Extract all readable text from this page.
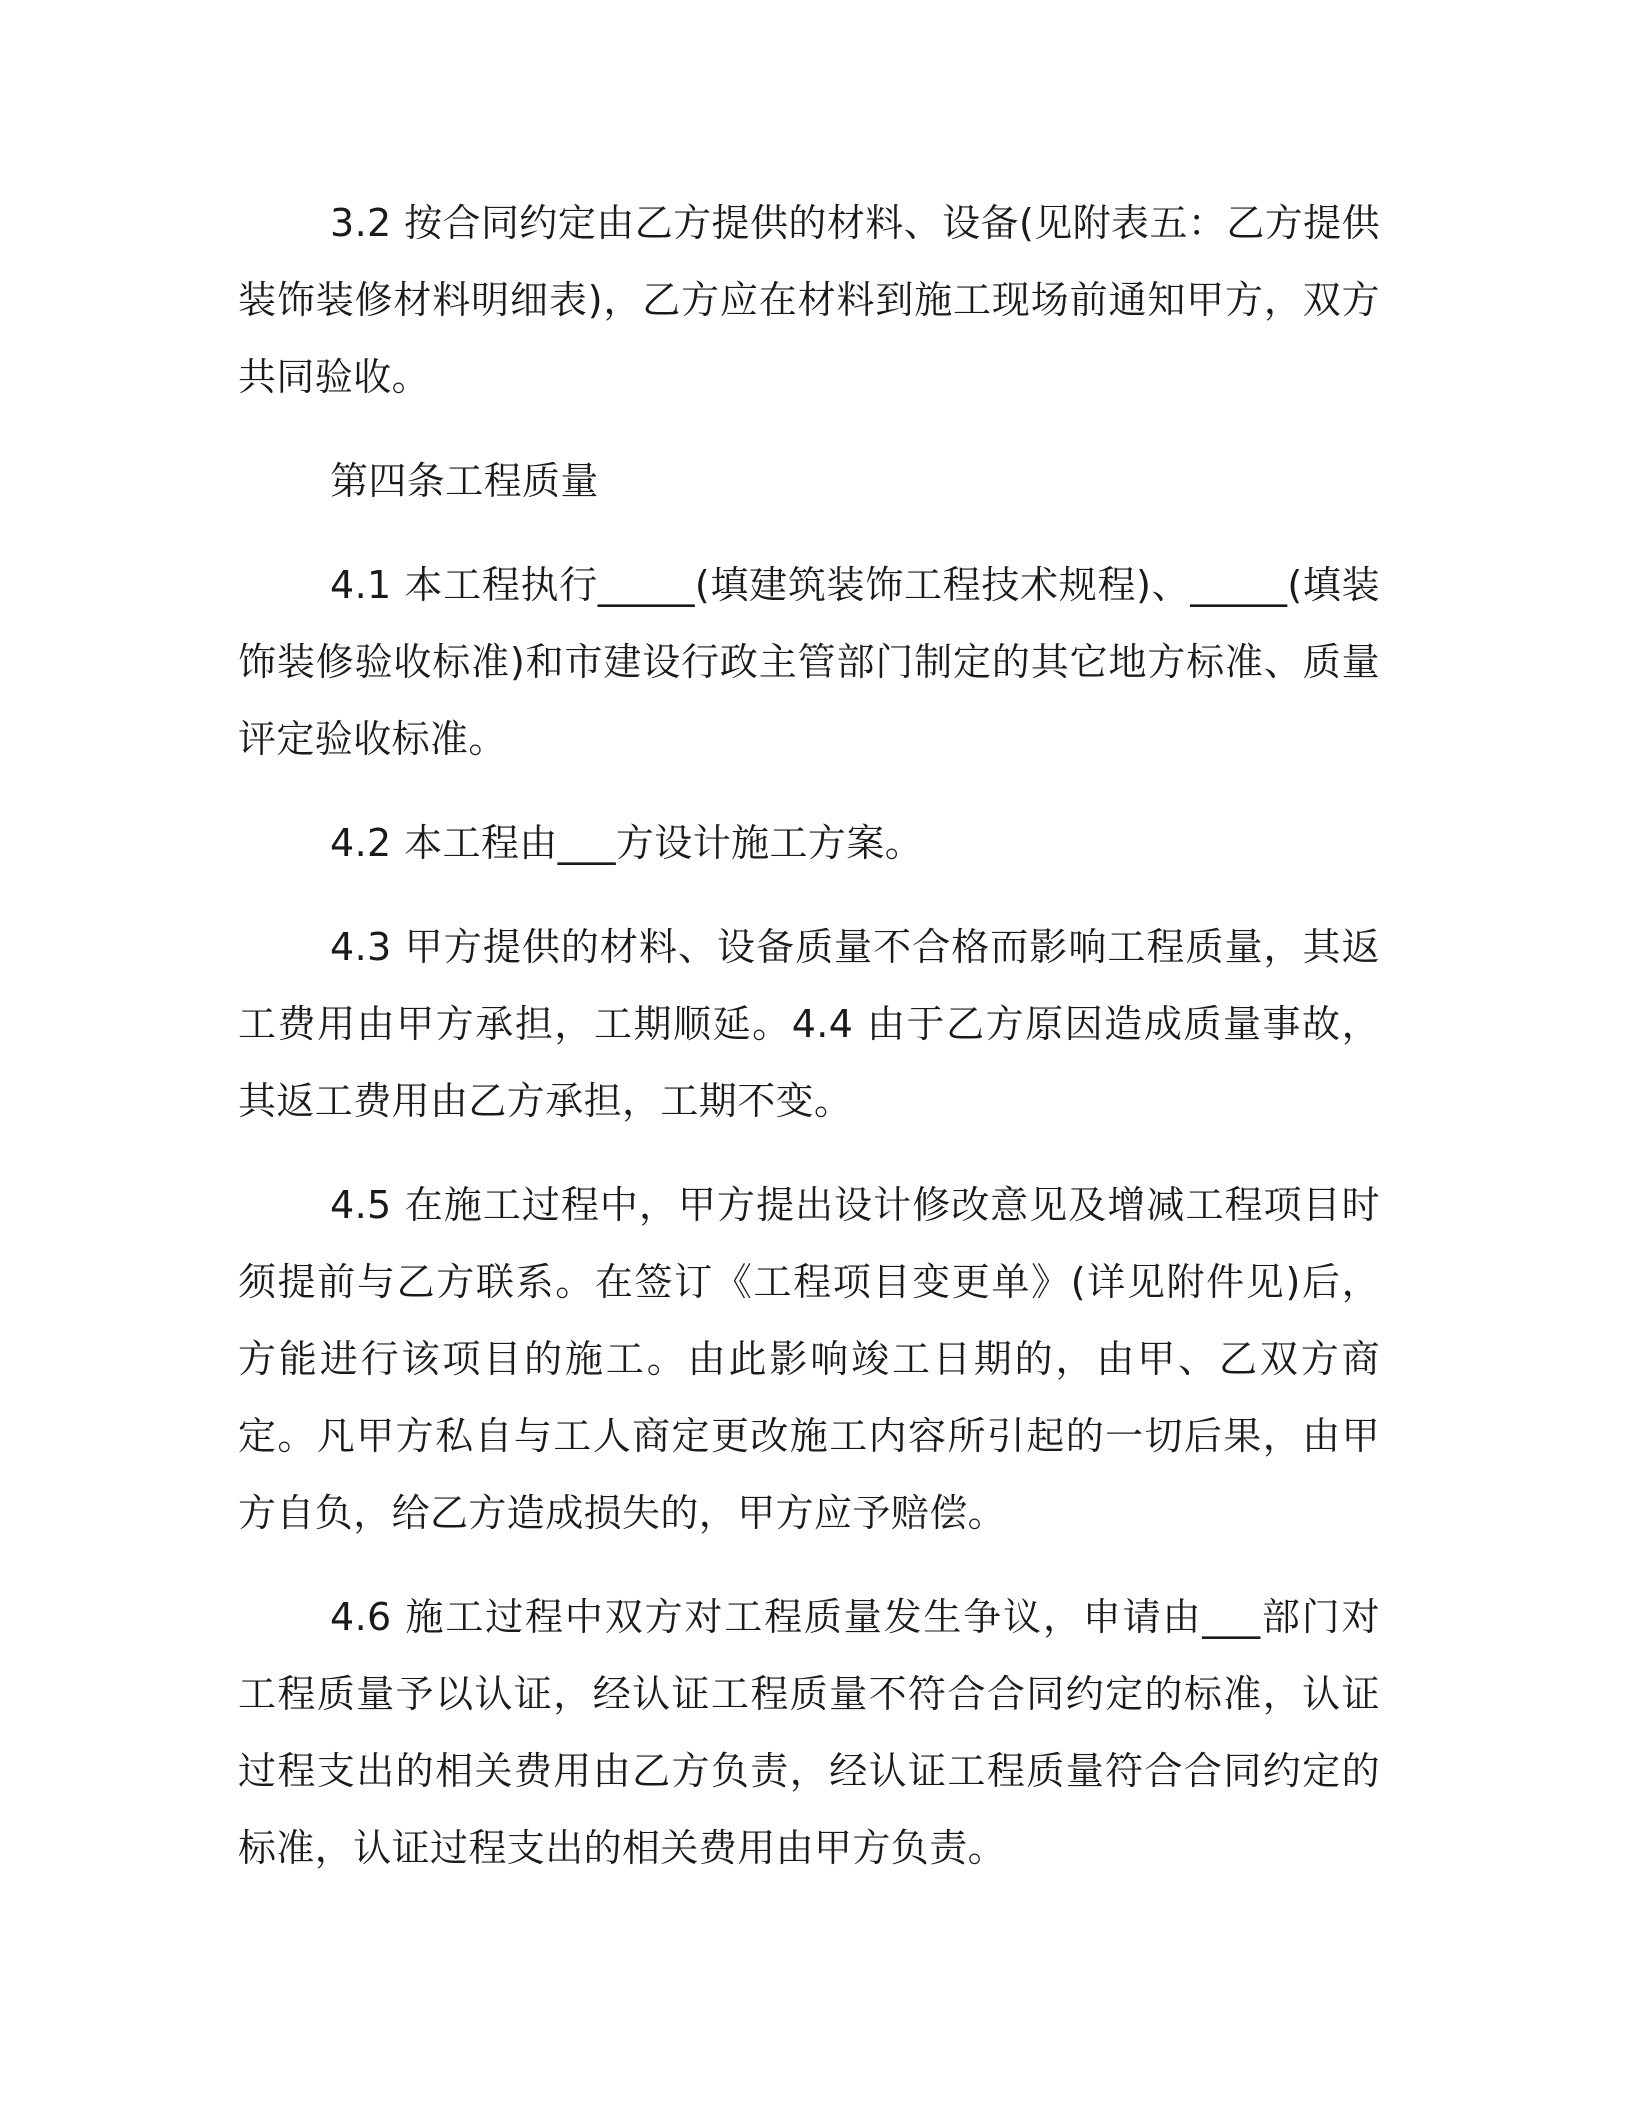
3.2 按合同约定由乙方提供的材料、设备(见附表五：乙方提供装饰装修材料明细表)，乙方应在材料到施工现场前通知甲方，双方共同验收。

第四条工程质量

4.1 本工程执行_____(填建筑装饰工程技术规程)、_____(填装饰装修验收标准)和市建设行政主管部门制定的其它地方标准、质量评定验收标准。

4.2 本工程由___方设计施工方案。

4.3 甲方提供的材料、设备质量不合格而影响工程质量，其返工费用由甲方承担，工期顺延。4.4 由于乙方原因造成质量事故，其返工费用由乙方承担，工期不变。

4.5 在施工过程中，甲方提出设计修改意见及增减工程项目时须提前与乙方联系。在签订《工程项目变更单》(详见附件见)后，方能进行该项目的施工。由此影响竣工日期的，由甲、乙双方商定。凡甲方私自与工人商定更改施工内容所引起的一切后果，由甲方自负，给乙方造成损失的，甲方应予赔偿。

4.6 施工过程中双方对工程质量发生争议，申请由___部门对工程质量予以认证，经认证工程质量不符合合同约定的标准，认证过程支出的相关费用由乙方负责，经认证工程质量符合合同约定的标准，认证过程支出的相关费用由甲方负责。
